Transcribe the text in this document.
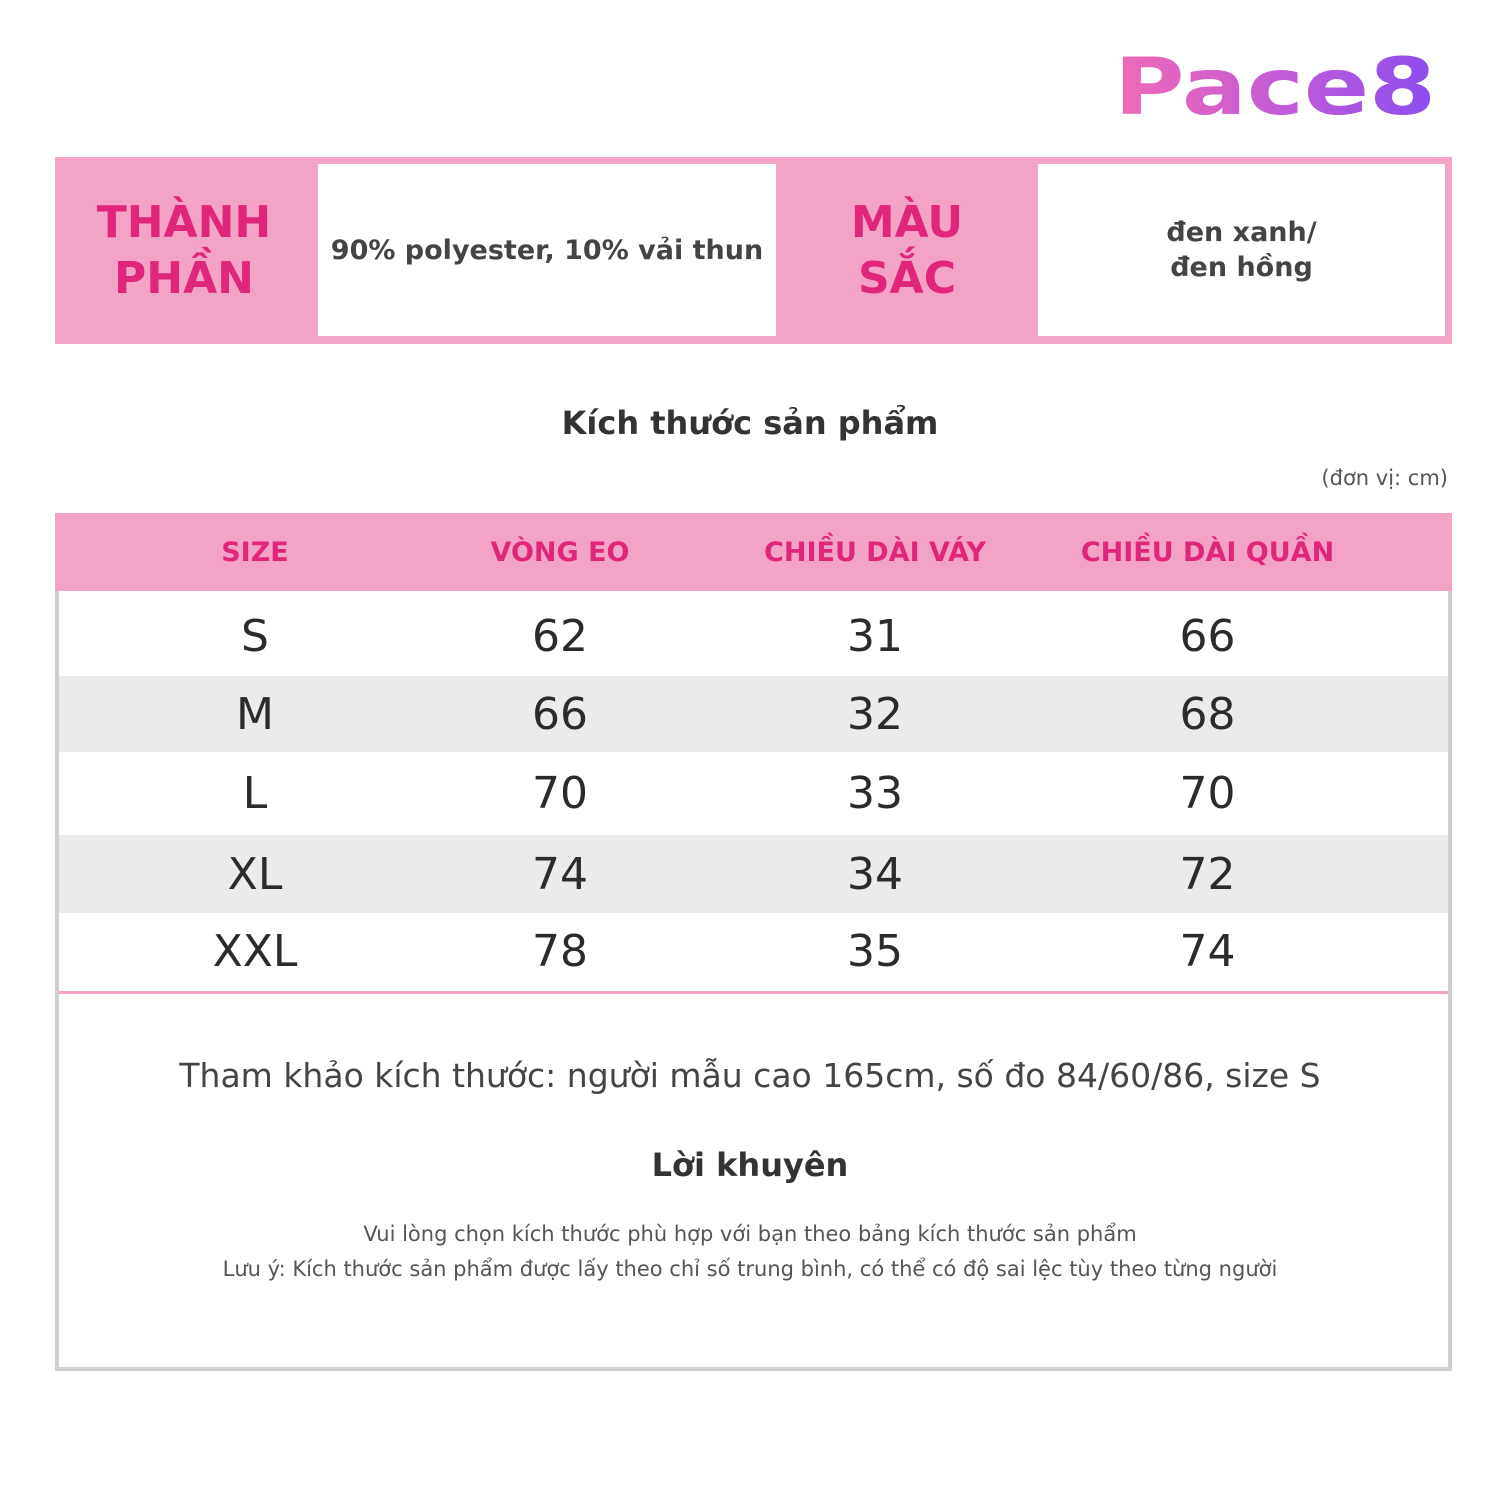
Pace8
THÀNH
PHẦN
90% polyester, 10% vải thun
MÀU
SẮC
đen xanh/
đen hồng
Kích thước sản phẩm
(đơn vị: cm)
SIZE	VÒNG EO	CHIỀU DÀI VÁY	CHIỀU DÀI QUẦN
S	62	31	66
M	66	32	68
L	70	33	70
XL	74	34	72
XXL	78	35	74
Tham khảo kích thước: người mẫu cao 165cm, số đo 84/60/86, size S
Lời khuyên
Vui lòng chọn kích thước phù hợp với bạn theo bảng kích thước sản phẩm
Lưu ý: Kích thước sản phẩm được lấy theo chỉ số trung bình, có thể có độ sai lệc tùy theo từng người
